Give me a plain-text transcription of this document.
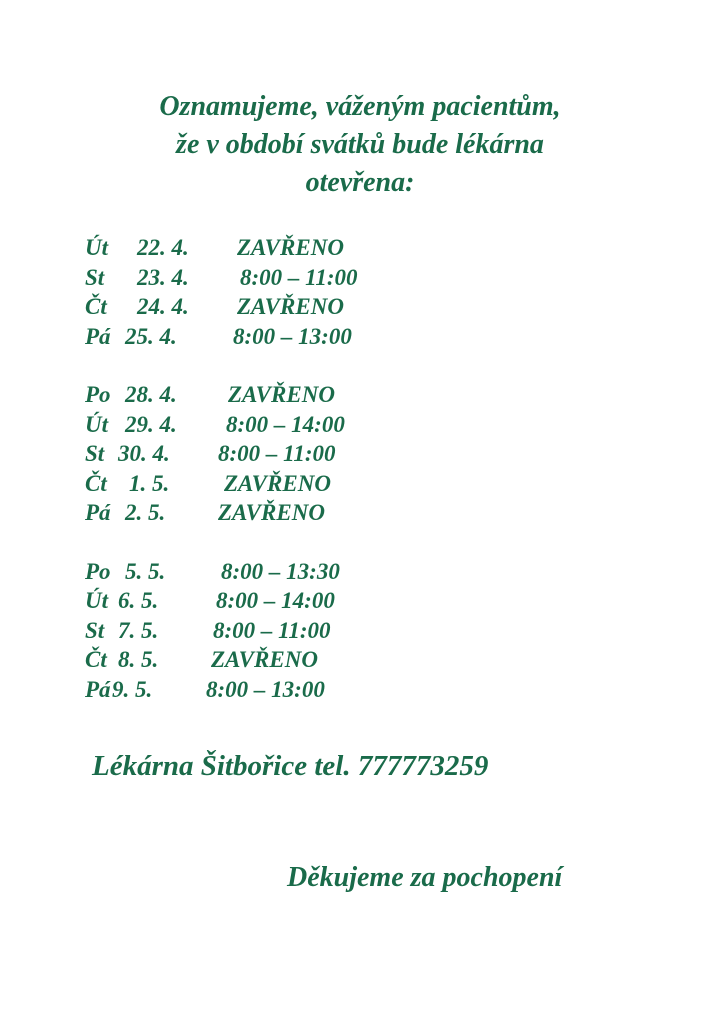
Oznamujeme, váženým pacientům,
že v období svátků bude lékárna
otevřena:
Út 22. 4. ZAVŘENO
St 23. 4. 8:00 – 11:00
Čt 24. 4. ZAVŘENO
Pá 25. 4. 8:00 – 13:00
Po 28. 4. ZAVŘENO
Út 29. 4. 8:00 – 14:00
St 30. 4. 8:00 – 11:00
Čt 1. 5. ZAVŘENO
Pá 2. 5. ZAVŘENO
Po 5. 5. 8:00 – 13:30
Út 6. 5.	8:00 – 14:00
St 7. 5. 8:00 – 11:00
Čt 8. 5. ZAVŘENO
Pá 9. 5. 8:00 – 13:00
Lékárna Šitbořice tel. 777773259
Děkujeme za pochopení
